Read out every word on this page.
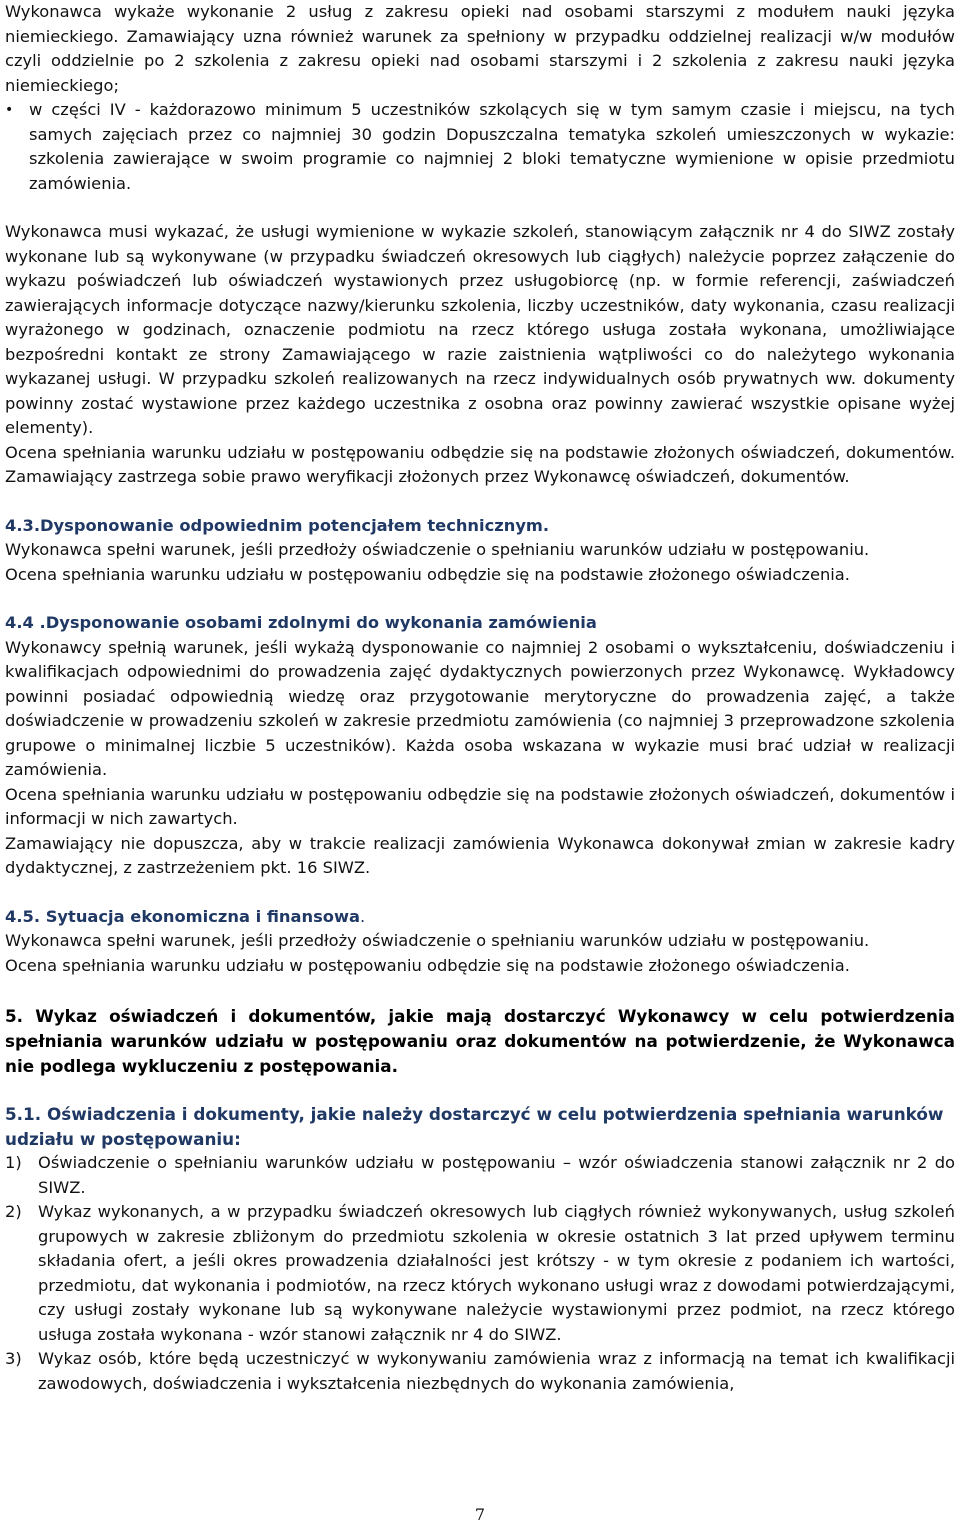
Wykonawca wykaże wykonanie 2 usług z zakresu opieki nad osobami starszymi z modułem nauki języka niemieckiego. Zamawiający uzna również warunek za spełniony w przypadku oddzielnej realizacji w/w modułów czyli oddzielnie po 2 szkolenia z zakresu opieki nad osobami starszymi i 2 szkolenia z zakresu nauki języka niemieckiego;

• w części IV - każdorazowo minimum 5 uczestników szkolących się w tym samym czasie i miejscu, na tych samych zajęciach przez co najmniej 30 godzin Dopuszczalna tematyka szkoleń umieszczonych w wykazie: szkolenia zawierające w swoim programie co najmniej 2 bloki tematyczne wymienione w opisie przedmiotu zamówienia.

Wykonawca musi wykazać, że usługi wymienione w wykazie szkoleń, stanowiącym załącznik nr 4 do SIWZ zostały wykonane lub są wykonywane (w przypadku świadczeń okresowych lub ciągłych) należycie poprzez załączenie do wykazu poświadczeń lub oświadczeń wystawionych przez usługobiorcę (np. w formie referencji, zaświadczeń zawierających informacje dotyczące nazwy/kierunku szkolenia, liczby uczestników, daty wykonania, czasu realizacji wyrażonego w godzinach, oznaczenie podmiotu na rzecz którego usługa została wykonana, umożliwiające bezpośredni kontakt ze strony Zamawiającego w razie zaistnienia wątpliwości co do należytego wykonania wykazanej usługi. W przypadku szkoleń realizowanych na rzecz indywidualnych osób prywatnych ww. dokumenty powinny zostać wystawione przez każdego uczestnika z osobna oraz powinny zawierać wszystkie opisane wyżej elementy).

Ocena spełniania warunku udziału w postępowaniu odbędzie się na podstawie złożonych oświadczeń, dokumentów. Zamawiający zastrzega sobie prawo weryfikacji złożonych przez Wykonawcę oświadczeń, dokumentów.

4.3.Dysponowanie odpowiednim potencjałem technicznym.

Wykonawca spełni warunek, jeśli przedłoży oświadczenie o spełnianiu warunków udziału w postępowaniu.

Ocena spełniania warunku udziału w postępowaniu odbędzie się na podstawie złożonego oświadczenia.

4.4 .Dysponowanie osobami zdolnymi do wykonania zamówienia

Wykonawcy spełnią warunek, jeśli wykażą dysponowanie co najmniej 2 osobami o wykształceniu, doświadczeniu i kwalifikacjach odpowiednimi do prowadzenia zajęć dydaktycznych powierzonych przez Wykonawcę. Wykładowcy powinni posiadać odpowiednią wiedzę oraz przygotowanie merytoryczne do prowadzenia zajęć, a także doświadczenie w prowadzeniu szkoleń w zakresie przedmiotu zamówienia (co najmniej 3 przeprowadzone szkolenia grupowe o minimalnej liczbie 5 uczestników). Każda osoba wskazana w wykazie musi brać udział w realizacji zamówienia.

Ocena spełniania warunku udziału w postępowaniu odbędzie się na podstawie złożonych oświadczeń, dokumentów i informacji w nich zawartych.

Zamawiający nie dopuszcza, aby w trakcie realizacji zamówienia Wykonawca dokonywał zmian w zakresie kadry dydaktycznej, z zastrzeżeniem pkt. 16 SIWZ.

4.5. Sytuacja ekonomiczna i finansowa.

Wykonawca spełni warunek, jeśli przedłoży oświadczenie o spełnianiu warunków udziału w postępowaniu.

Ocena spełniania warunku udziału w postępowaniu odbędzie się na podstawie złożonego oświadczenia.

5. Wykaz oświadczeń i dokumentów, jakie mają dostarczyć Wykonawcy w celu potwierdzenia spełniania warunków udziału w postępowaniu oraz dokumentów na potwierdzenie, że Wykonawca nie podlega wykluczeniu z postępowania.

5.1. Oświadczenia i dokumenty, jakie należy dostarczyć w celu potwierdzenia spełniania warunków udziału w postępowaniu:

1) Oświadczenie o spełnianiu warunków udziału w postępowaniu – wzór oświadczenia stanowi załącznik nr 2 do SIWZ.

2) Wykaz wykonanych, a w przypadku świadczeń okresowych lub ciągłych również wykonywanych, usług szkoleń grupowych w zakresie zbliżonym do przedmiotu szkolenia w okresie ostatnich 3 lat przed upływem terminu składania ofert, a jeśli okres prowadzenia działalności jest krótszy - w tym okresie z podaniem ich wartości, przedmiotu, dat wykonania i podmiotów, na rzecz których wykonano usługi wraz z dowodami potwierdzającymi, czy usługi zostały wykonane lub są wykonywane należycie wystawionymi przez podmiot, na rzecz którego usługa została wykonana - wzór stanowi załącznik nr 4 do SIWZ.

3) Wykaz osób, które będą uczestniczyć w wykonywaniu zamówienia wraz z informacją na temat ich kwalifikacji zawodowych, doświadczenia i wykształcenia niezbędnych do wykonania zamówienia,

7
